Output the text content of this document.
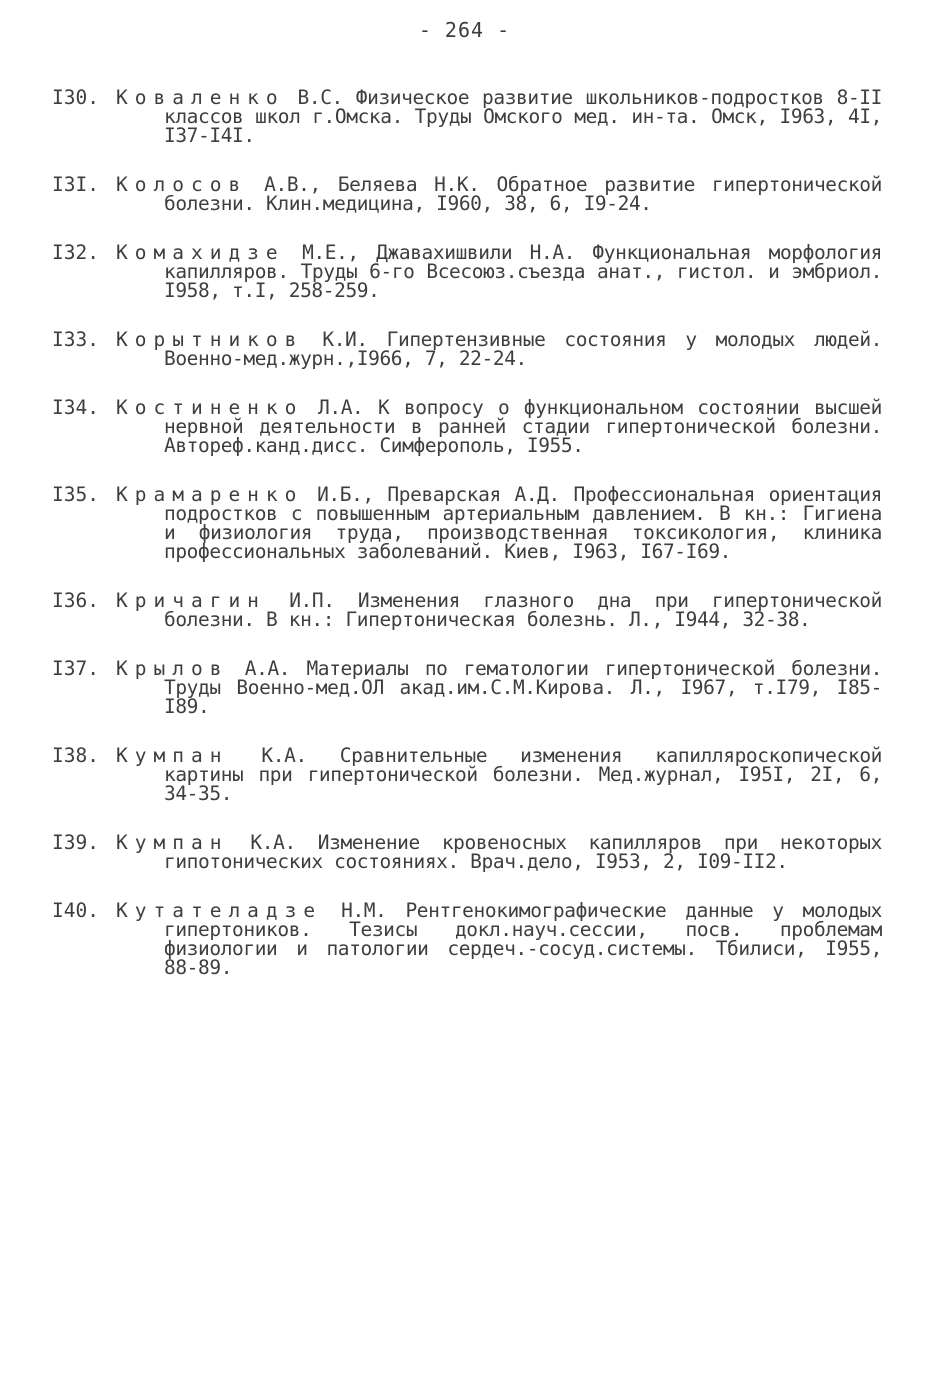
- 264 -
I30. Коваленко В.С. Физическое развитие школьников-подростков 8-II классов школ г.Омска. Труды Омского мед. ин-та. Омск, I963, 4I, I37-I4I.
I3I. Колосов А.В., Беляева Н.К. Обратное развитие гипертонической болезни. Клин.медицина, I960, 38, 6, I9-24.
I32. Комахидзе М.Е., Джавахишвили Н.А. Функциональная морфология капилляров. Труды 6-го Всесоюз.съезда анат., гистол. и эмбриол. I958, т.I, 258-259.
I33. Корытников К.И. Гипертензивные состояния у молодых людей. Военно-мед.журн.,I966, 7, 22-24.
I34. Костиненко Л.А. К вопросу о функциональном состоянии высшей нервной деятельности в ранней стадии гипертонической болезни. Автореф.канд.дисс. Симферополь, I955.
I35. Крамаренко И.Б., Преварская А.Д. Профессиональная ориентация подростков с повышенным артериальным давлением. В кн.: Гигиена и физиология труда, производственная токсикология, клиника профессиональных заболеваний. Киев, I963, I67-I69.
I36. Кричагин И.П. Изменения глазного дна при гипертонической болезни. В кн.: Гипертоническая болезнь. Л., I944, 32-38.
I37. Крылов А.А. Материалы по гематологии гипертонической болезни. Труды Военно-мед.ОЛ акад.им.С.М.Кирова. Л., I967, т.I79, I85-I89.
I38. Кумпан К.А. Сравнительные изменения капилляроскопической картины при гипертонической болезни. Мед.журнал, I95I, 2I, 6, 34-35.
I39. Кумпан К.А. Изменение кровеносных капилляров при некоторых гипотонических состояниях. Врач.дело, I953, 2, I09-II2.
I40. Кутателадзе Н.М. Рентгенокимографические данные у молодых гипертоников. Тезисы докл.науч.сессии, посв. проблемам физиологии и патологии сердеч.-сосуд.системы. Тбилиси, I955, 88-89.
